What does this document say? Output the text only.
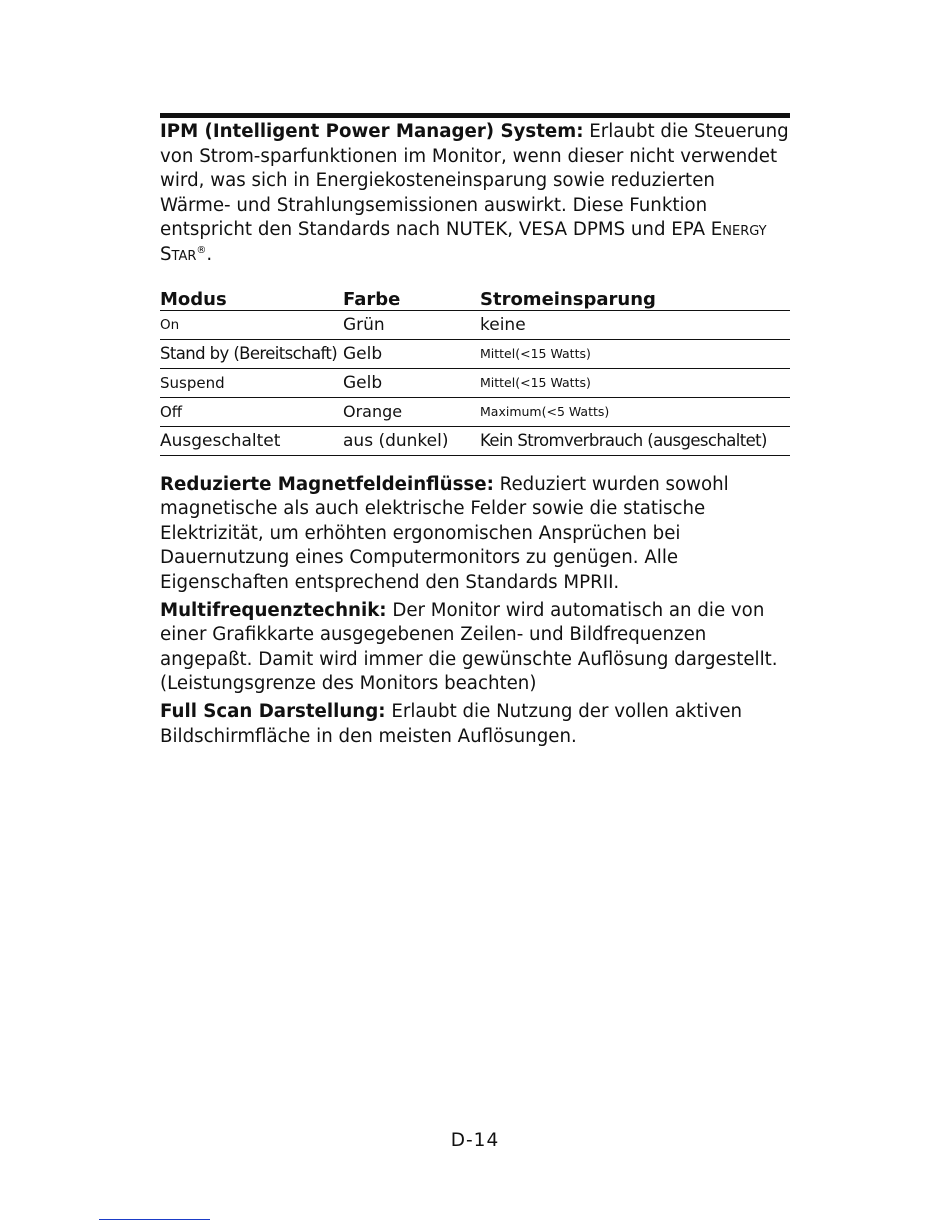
IPM (Intelligent Power Manager) System: Erlaubt die Steuerung von Strom-sparfunktionen im Monitor, wenn dieser nicht verwendet wird, was sich in Energiekosteneinsparung sowie reduzierten Wärme- und Strahlungsemissionen auswirkt. Diese Funktion entspricht den Standards nach NUTEK, VESA DPMS und EPA Energy Star®.

Modus	Farbe	Stromeinsparung
On	Grün	keine
Stand by (Bereitschaft)	Gelb	Mittel(<15 Watts)
Suspend	Gelb	Mittel(<15 Watts)
Off	Orange	Maximum(<5 Watts)
Ausgeschaltet	aus (dunkel)	Kein Stromverbrauch (ausgeschaltet)

Reduzierte Magnetfeldeinflüsse: Reduziert wurden sowohl magnetische als auch elektrische Felder sowie die statische Elektrizität, um erhöhten ergonomischen Ansprüchen bei Dauernutzung eines Computermonitors zu genügen. Alle Eigenschaften entsprechend den Standards MPRII.

Multifrequenztechnik: Der Monitor wird automatisch an die von einer Grafikkarte ausgegebenen Zeilen- und Bildfrequenzen angepaßt. Damit wird immer die gewünschte Auflösung dargestellt. (Leistungsgrenze des Monitors beachten)

Full Scan Darstellung: Erlaubt die Nutzung der vollen aktiven Bildschirmfläche in den meisten Auflösungen.

D-14
